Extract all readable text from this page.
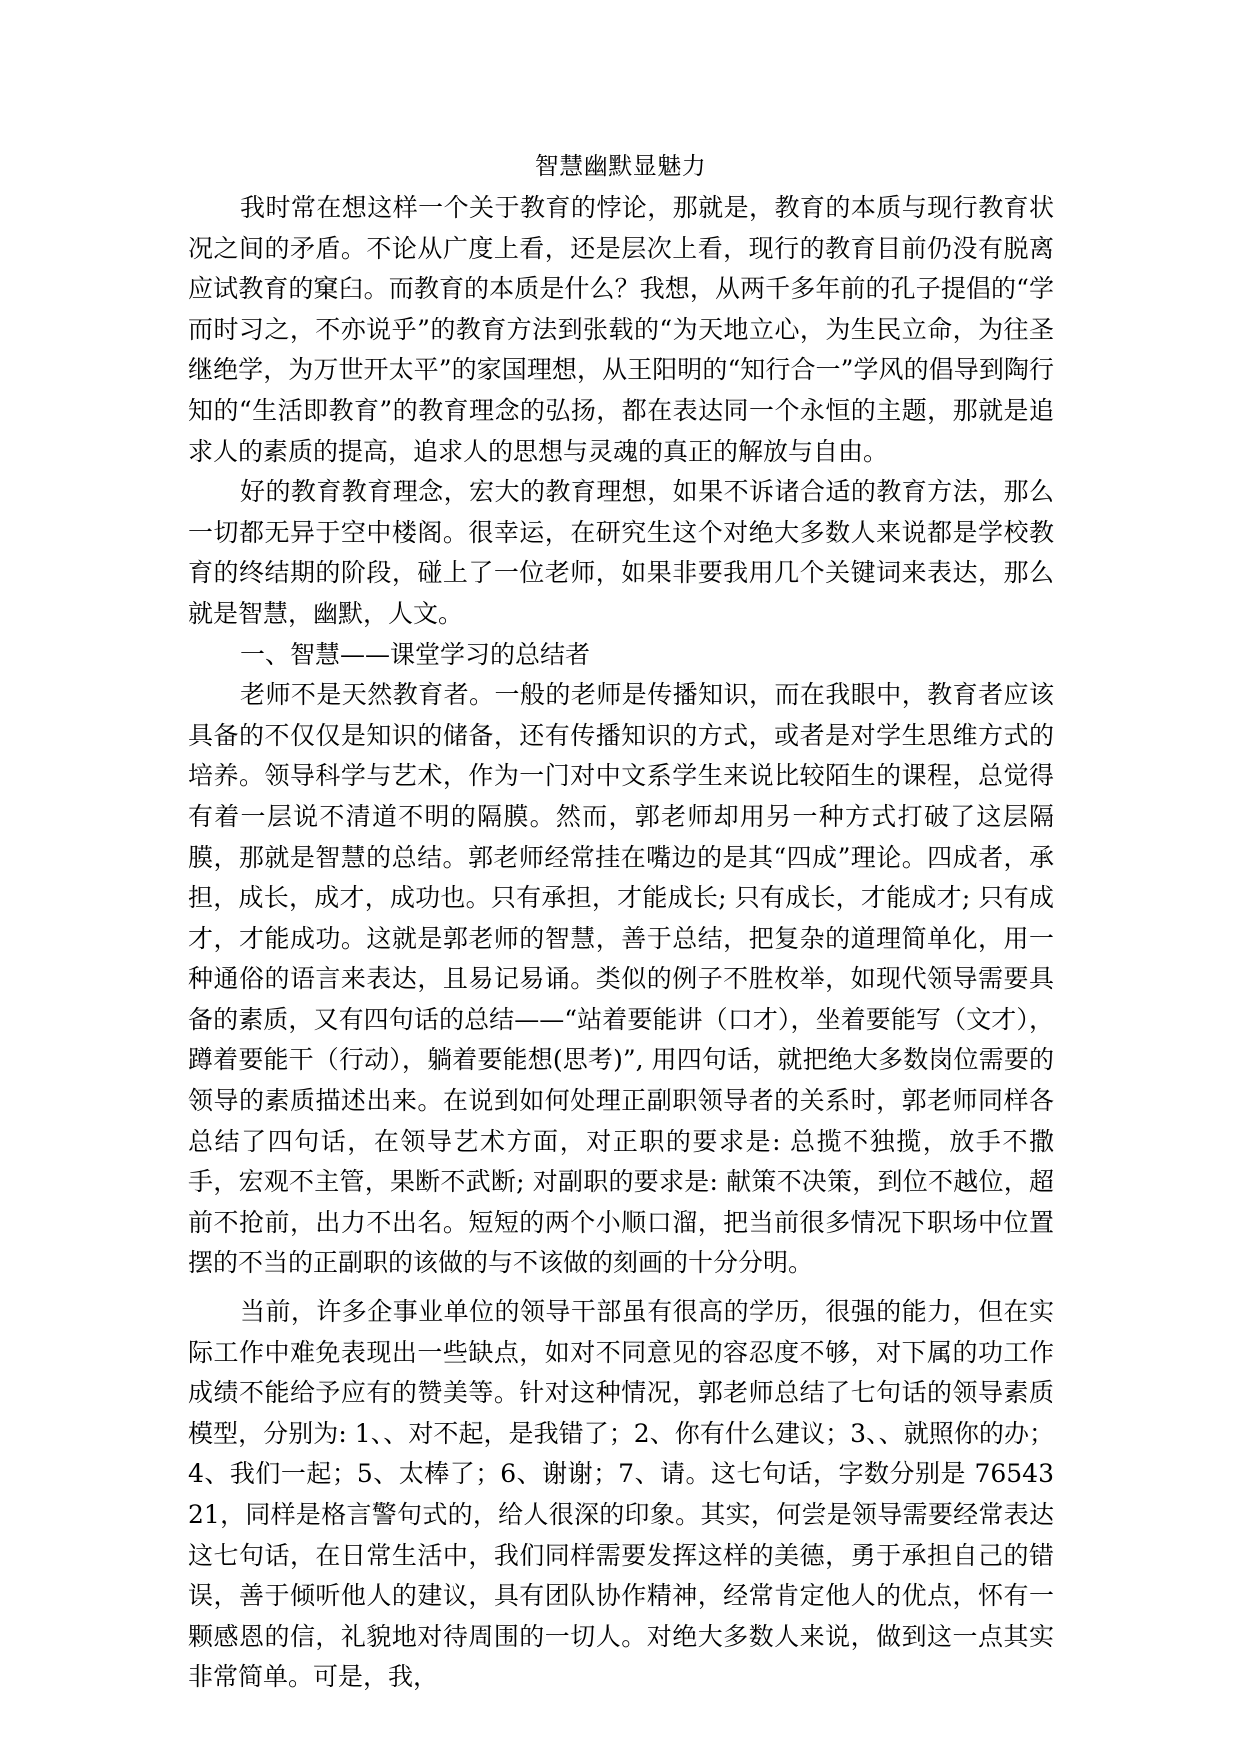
智慧幽默显魅力

我时常在想这样一个关于教育的悖论，那就是，教育的本质与现行教育状况之间的矛盾。不论从广度上看，还是层次上看，现行的教育目前仍没有脱离应试教育的窠臼。而教育的本质是什么？我想，从两千多年前的孔子提倡的“学而时习之，不亦说乎”的教育方法到张载的“为天地立心，为生民立命，为往圣继绝学，为万世开太平”的家国理想，从王阳明的“知行合一”学风的倡导到陶行知的“生活即教育”的教育理念的弘扬，都在表达同一个永恒的主题，那就是追求人的素质的提高，追求人的思想与灵魂的真正的解放与自由。

好的教育教育理念，宏大的教育理想，如果不诉诸合适的教育方法，那么一切都无异于空中楼阁。很幸运，在研究生这个对绝大多数人来说都是学校教育的终结期的阶段，碰上了一位老师，如果非要我用几个关键词来表达，那么就是智慧，幽默，人文。

一、智慧——课堂学习的总结者

老师不是天然教育者。一般的老师是传播知识，而在我眼中，教育者应该具备的不仅仅是知识的储备，还有传播知识的方式，或者是对学生思维方式的培养。领导科学与艺术，作为一门对中文系学生来说比较陌生的课程，总觉得有着一层说不清道不明的隔膜。然而，郭老师却用另一种方式打破了这层隔膜，那就是智慧的总结。郭老师经常挂在嘴边的是其“四成”理论。四成者，承担，成长，成才，成功也。只有承担，才能成长; 只有成长，才能成才; 只有成才，才能成功。这就是郭老师的智慧，善于总结，把复杂的道理简单化，用一种通俗的语言来表达，且易记易诵。类似的例子不胜枚举，如现代领导需要具备的素质，又有四句话的总结——“站着要能讲（口才），坐着要能写（文才），蹲着要能干（行动），躺着要能想(思考)”, 用四句话，就把绝大多数岗位需要的领导的素质描述出来。在说到如何处理正副职领导者的关系时，郭老师同样各总结了四句话，在领导艺术方面，对正职的要求是: 总揽不独揽，放手不撒手，宏观不主管，果断不武断; 对副职的要求是: 献策不决策，到位不越位，超前不抢前，出力不出名。短短的两个小顺口溜，把当前很多情况下职场中位置摆的不当的正副职的该做的与不该做的刻画的十分分明。

当前，许多企事业单位的领导干部虽有很高的学历，很强的能力，但在实际工作中难免表现出一些缺点，如对不同意见的容忍度不够，对下属的功工作成绩不能给予应有的赞美等。针对这种情况，郭老师总结了七句话的领导素质模型，分别为: 1、、对不起，是我错了；2、你有什么建议；3、、就照你的办；4、我们一起；5、太棒了；6、谢谢；7、请。这七句话，字数分别是 7654321，同样是格言警句式的，给人很深的印象。其实，何尝是领导需要经常表达这七句话，在日常生活中，我们同样需要发挥这样的美德，勇于承担自己的错误，善于倾听他人的建议，具有团队协作精神，经常肯定他人的优点，怀有一颗感恩的信，礼貌地对待周围的一切人。对绝大多数人来说，做到这一点其实非常简单。可是，我，
